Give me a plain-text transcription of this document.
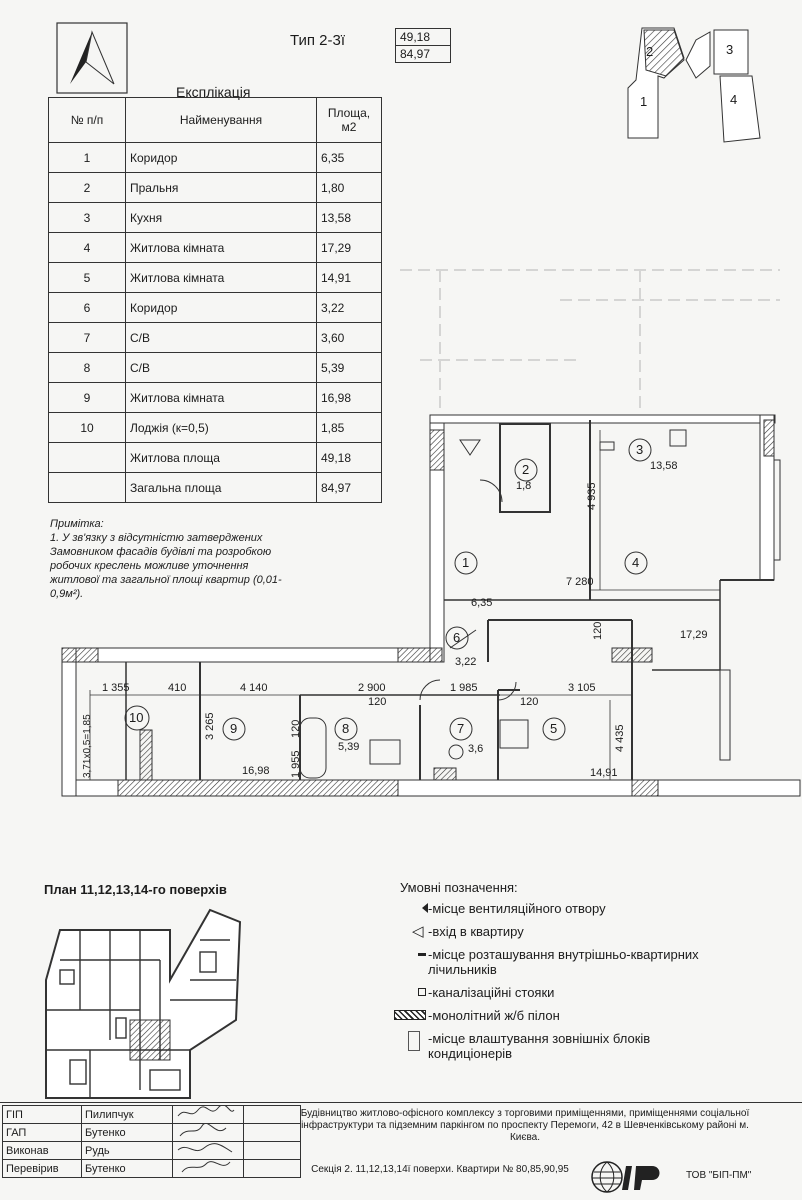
Тип 2-3ї	49,18
84,97	2	3
1	4
Експлікація
№ п/п	Найменування	Площа, м2
1	Коридор	6,35
2	Пральня	1,80
3	Кухня	13,58
4	Житлова кімната	17,29
5	Житлова кімната	14,91
6	Коридор	3,22
7	С/В	3,60
8	С/В	5,39
9	Житлова кімната	16,98
10	Лоджія (к=0,5)	1,85
	Житлова площа	49,18
	Загальна площа	84,97
Примітка:
1. У зв'язку з відсутністю затверджених
Замовником фасадів будівлі та розробкою
робочих креслень можливе уточнення
житлової та загальної площі квартир (0,01-
0,9м²).
1
2
3
4
5
6
7
8
9
10
6,35
1,8
13,58
17,29
14,91
3,22
3,6
5,39
16,98
4 935
7 280
120
1 355	410	4 140	2 900	1 985	3 105
3 265
1 955
120
120	120
4 435
3,71х0,5=1,85
План 11,12,13,14-го поверхів	Умовні позначення:
-місце вентиляційного отвору
◁ -вхід в квартиру
-місце розташування внутрішньо-квартирних лічильників
-каналізаційні стояки
-монолітний ж/б пілон
-місце влаштування зовнішніх блоків кондиціонерів
ГІП	Пилипчук		
ГАП	Бутенко		
Виконав	Рудь		
Перевірив	Бутенко		
Будівництво житлово-офісного комплексу з торговими приміщеннями, приміщеннями соціальної інфраструктури та підземним паркінгом по проспекту Перемоги, 42 в Шевченківському районі м. Києва.
Секція 2. 11,12,13,14ї поверхи. Квартири № 80,85,90,95
ТОВ "БІП-ПМ"
